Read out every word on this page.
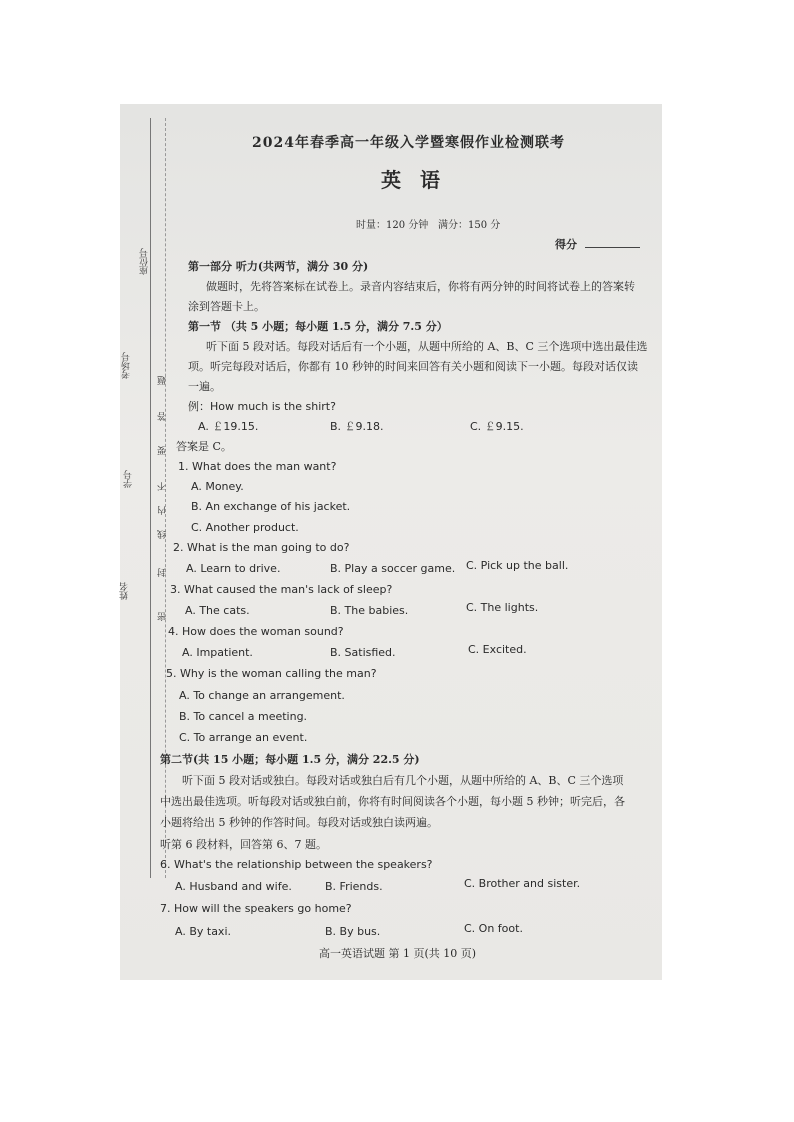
座位号
考场号
学号
姓名
密
封
线
内
不
要
答
题
2024年春季高一年级入学暨寒假作业检测联考
英 语
时量：120 分钟 满分：150 分
得分
第一部分 听力(共两节，满分 30 分)
做题时，先将答案标在试卷上。录音内容结束后，你将有两分钟的时间将试卷上的答案转
涂到答题卡上。
第一节 （共 5 小题；每小题 1.5 分，满分 7.5 分）
听下面 5 段对话。每段对话后有一个小题，从题中所给的 A、B、C 三个选项中选出最佳选
项。听完每段对话后，你都有 10 秒钟的时间来回答有关小题和阅读下一小题。每段对话仅读
一遍。
例：How much is the shirt?
A. ￡19.15.	B. ￡9.18.	C. ￡9.15.
答案是 C。
1. What does the man want?
A. Money.
B. An exchange of his jacket.
C. Another product.
2. What is the man going to do?
A. Learn to drive.	B. Play a soccer game. C. Pick up the ball.
3. What caused the man's lack of sleep?
A. The cats.	B. The babies.	C. The lights.
4. How does the woman sound?
A. Impatient.	B. Satisfied.	C. Excited.
5. Why is the woman calling the man?
A. To change an arrangement.
B. To cancel a meeting.
C. To arrange an event.
第二节(共 15 小题；每小题 1.5 分，满分 22.5 分)
听下面 5 段对话或独白。每段对话或独白后有几个小题，从题中所给的 A、B、C 三个选项
中选出最佳选项。听每段对话或独白前，你将有时间阅读各个小题，每小题 5 秒钟；听完后，各
小题将给出 5 秒钟的作答时间。每段对话或独白读两遍。
听第 6 段材料，回答第 6、7 题。
6. What's the relationship between the speakers?
A. Husband and wife.	B. Friends.	C. Brother and sister.
7. How will the speakers go home?
A. By taxi.	B. By bus.	C. On foot.
高一英语试题 第 1 页(共 10 页)
